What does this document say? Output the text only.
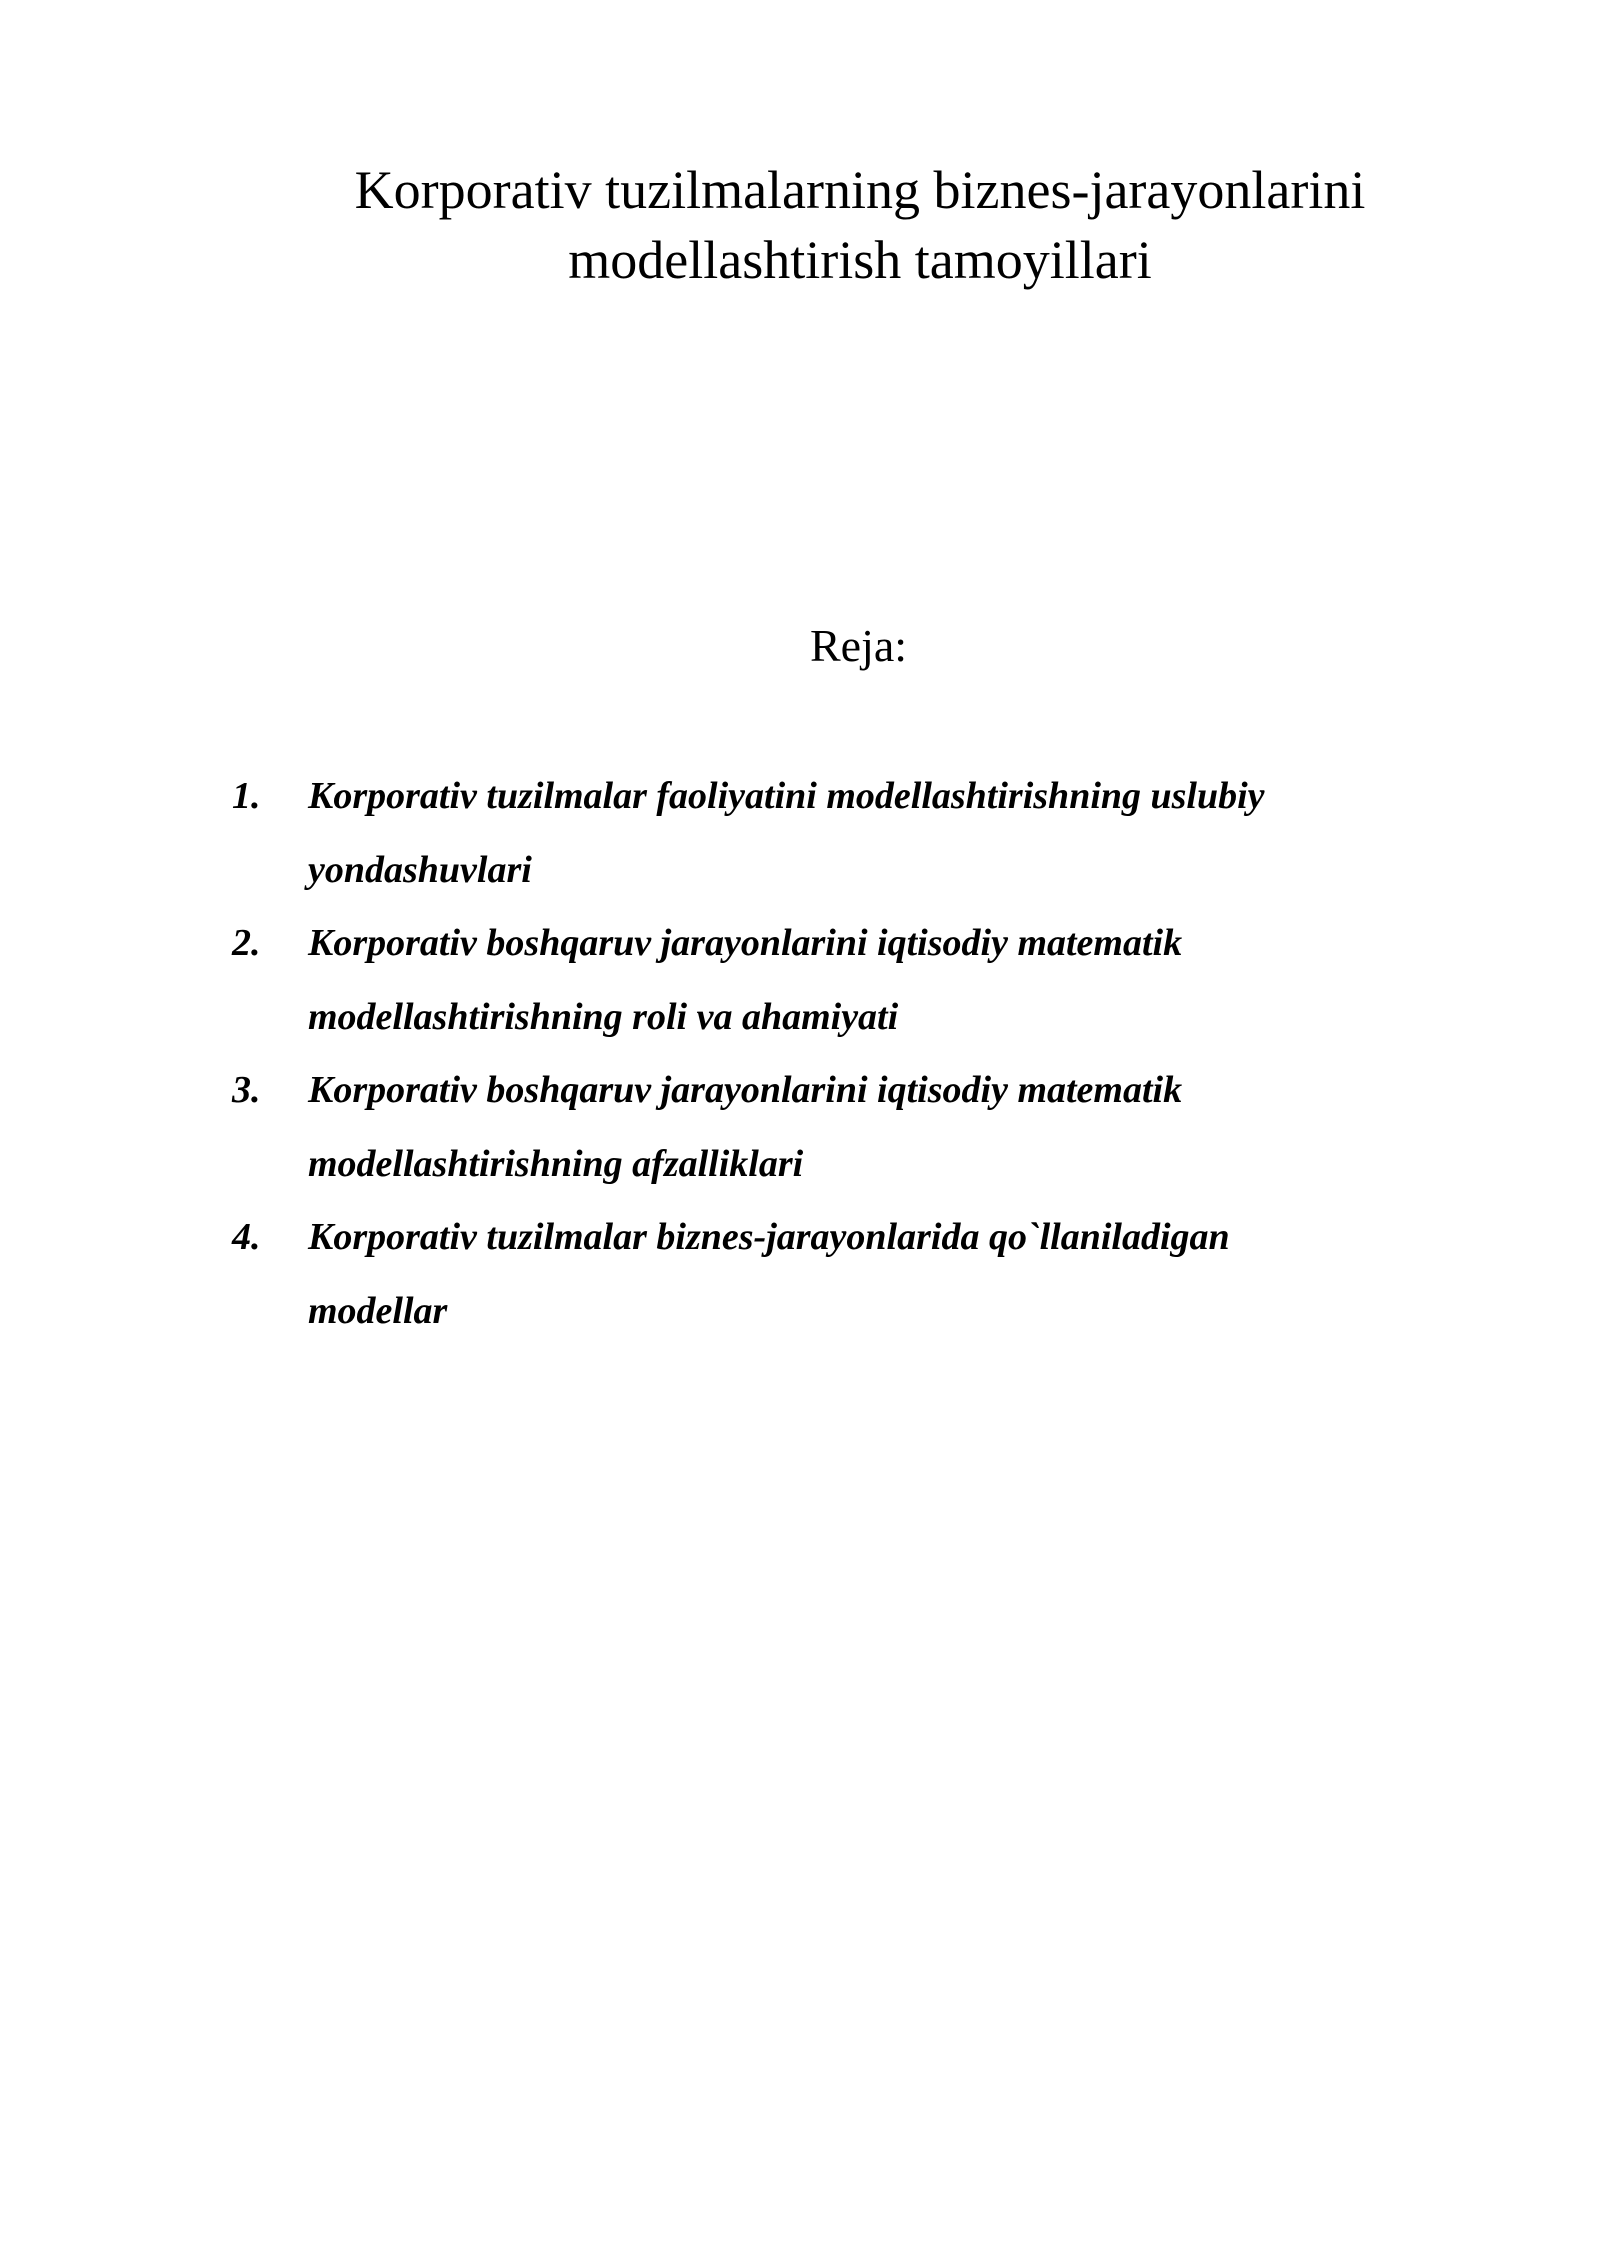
Korporativ tuzilmalarning biznes-jarayonlarini
modellashtirish tamoyillari
Reja:
1.	Korporativ tuzilmalar faoliyatini modellashtirishning uslubiy
yondashuvlari
2.	Korporativ boshqaruv jarayonlarini iqtisodiy matematik
modellashtirishning roli va ahamiyati
3.	Korporativ boshqaruv jarayonlarini iqtisodiy matematik
modellashtirishning afzalliklari
4.	Korporativ tuzilmalar biznes-jarayonlarida qo`llaniladigan
modellar
